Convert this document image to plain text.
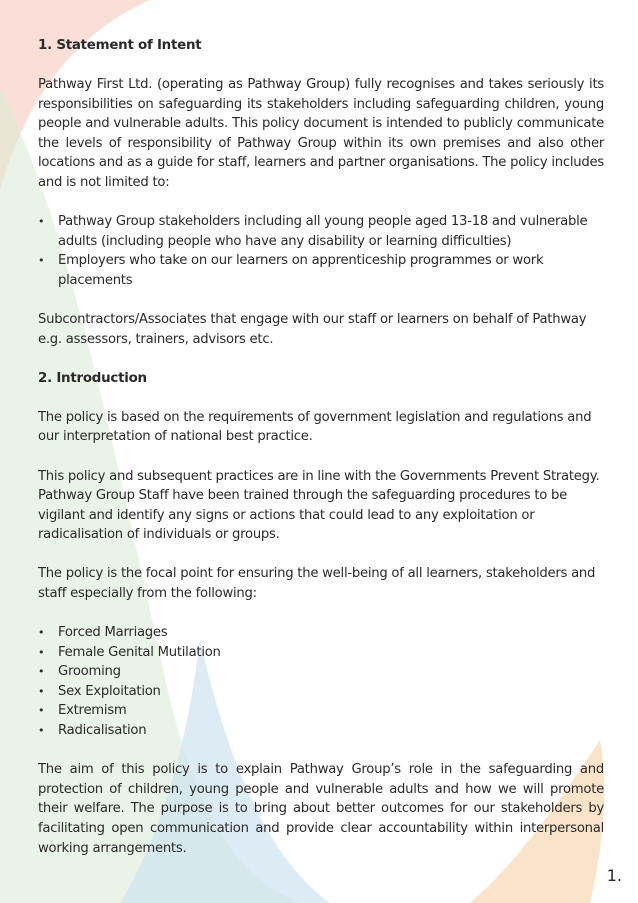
1. Statement of Intent

Pathway First Ltd. (operating as Pathway Group) fully recognises and takes seriously its responsibilities on safeguarding its stakeholders including safeguarding children, young people and vulnerable adults. This policy document is intended to publicly communicate the levels of responsibility of Pathway Group within its own premises and also other locations and as a guide for staff, learners and partner organisations. The policy includes and is not limited to:

• Pathway Group stakeholders including all young people aged 13-18 and vulnerable adults (including people who have any disability or learning difficulties)
• Employers who take on our learners on apprenticeship programmes or work placements

Subcontractors/Associates that engage with our staff or learners on behalf of Pathway e.g. assessors, trainers, advisors etc.

2. Introduction

The policy is based on the requirements of government legislation and regulations and our interpretation of national best practice.

This policy and subsequent practices are in line with the Governments Prevent Strategy. Pathway Group Staff have been trained through the safeguarding procedures to be vigilant and identify any signs or actions that could lead to any exploitation or radicalisation of individuals or groups.

The policy is the focal point for ensuring the well-being of all learners, stakeholders and staff especially from the following:

• Forced Marriages
• Female Genital Mutilation
• Grooming
• Sex Exploitation
• Extremism
• Radicalisation

The aim of this policy is to explain Pathway Group’s role in the safeguarding and protection of children, young people and vulnerable adults and how we will promote their welfare. The purpose is to bring about better outcomes for our stakeholders by facilitating open communication and provide clear accountability within interpersonal working arrangements.

1.
